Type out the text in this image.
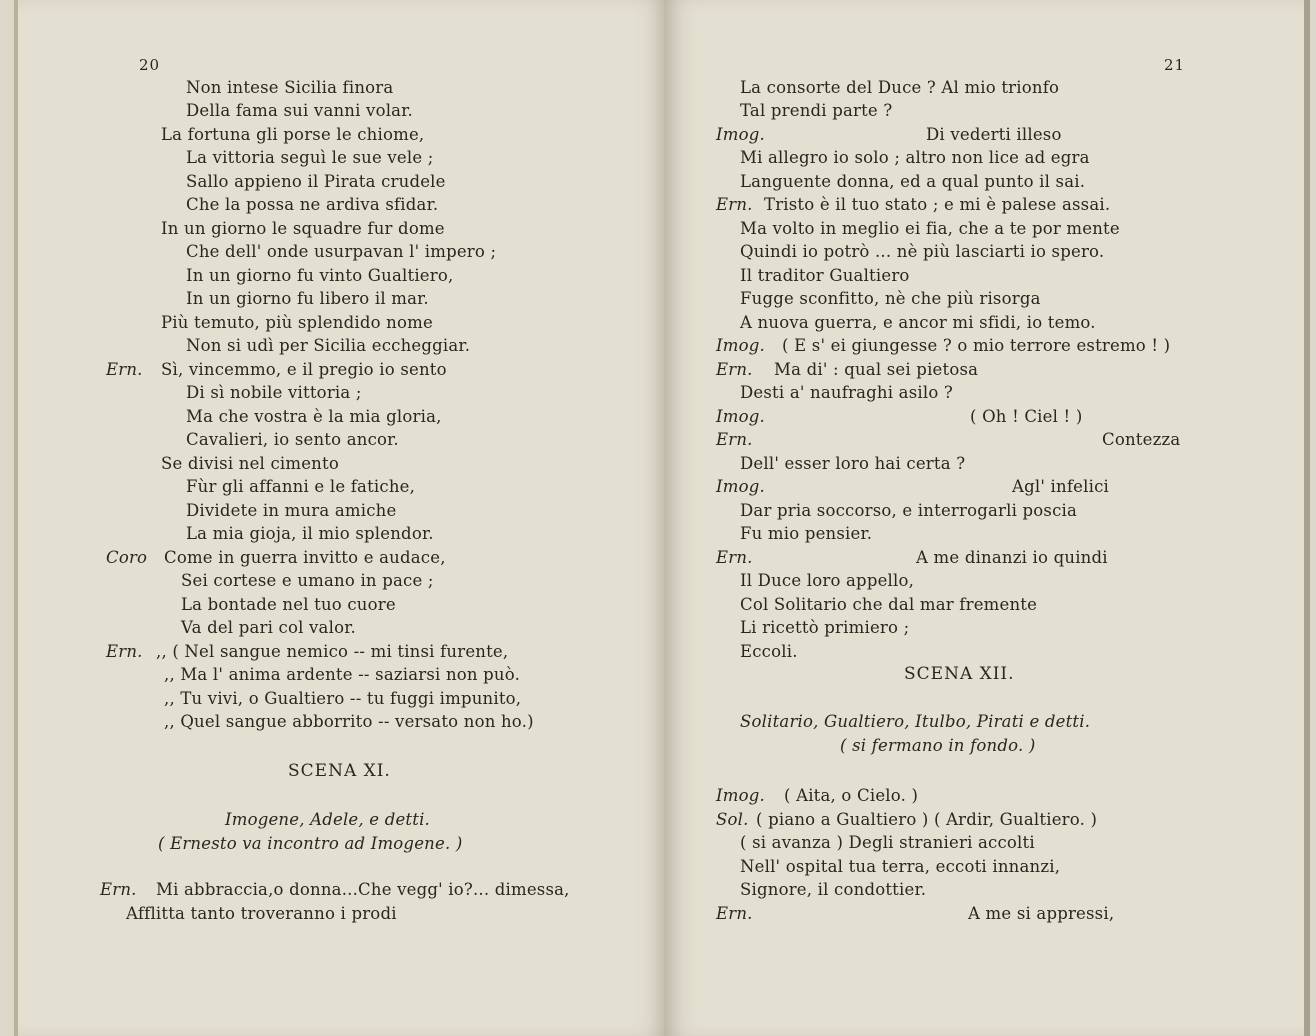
20
Non intese Sicilia finora
Della fama sui vanni volar.
La fortuna gli porse le chiome,
La vittoria seguì le sue vele ;
Sallo appieno il Pirata crudele
Che la possa ne ardiva sfidar.
In un giorno le squadre fur dome
Che dell' onde usurpavan l' impero ;
In un giorno fu vinto Gualtiero,
In un giorno fu libero il mar.
Più temuto, più splendido nome
Non si udì per Sicilia eccheggiar.
Ern. Sì, vincemmo, e il pregio io sento
Di sì nobile vittoria ;
Ma che vostra è la mia gloria,
Cavalieri, io sento ancor.
Se divisi nel cimento
Fùr gli affanni e le fatiche,
Dividete in mura amiche
La mia gioja, il mio splendor.
Coro Come in guerra invitto e audace,
Sei cortese e umano in pace ;
La bontade nel tuo cuore
Va del pari col valor.
Ern. ,, ( Nel sangue nemico -- mi tinsi furente,
,, Ma l' anima ardente -- saziarsi non può.
,, Tu vivi, o Gualtiero -- tu fuggi impunito,
,, Quel sangue abborrito -- versato non ho.)
SCENA XI.
Imogene, Adele, e detti.
( Ernesto va incontro ad Imogene. )
Ern. Mi abbraccia,o donna...Che vegg' io?... dimessa,
Afflitta tanto troveranno i prodi
21
La consorte del Duce ? Al mio trionfo
Tal prendi parte ?
Imog.	Di vederti illeso
Mi allegro io solo ; altro non lice ad egra
Languente donna, ed a qual punto il sai.
Ern. Tristo è il tuo stato ; e mi è palese assai.
Ma volto in meglio ei fia, che a te por mente
Quindi io potrò ... nè più lasciarti io spero.
Il traditor Gualtiero
Fugge sconfitto, nè che più risorga
A nuova guerra, e ancor mi sfidi, io temo.
Imog. ( E s' ei giungesse ? o mio terrore estremo ! )
Ern. Ma di' : qual sei pietosa
Desti a' naufraghi asilo ?
Imog.	( Oh ! Ciel ! )
Ern.	Contezza
Dell' esser loro hai certa ?
Imog.	Agl' infelici
Dar pria soccorso, e interrogarli poscia
Fu mio pensier.
Ern.	A me dinanzi io quindi
Il Duce loro appello,
Col Solitario che dal mar fremente
Li ricettò primiero ;
Eccoli.
SCENA XII.
Solitario, Gualtiero, Itulbo, Pirati e detti.
( si fermano in fondo. )
Imog. ( Aita, o Cielo. )
Sol. ( piano a Gualtiero ) ( Ardir, Gualtiero. )
( si avanza ) Degli stranieri accolti
Nell' ospital tua terra, eccoti innanzi,
Signore, il condottier.
Ern.	A me si appressi,
